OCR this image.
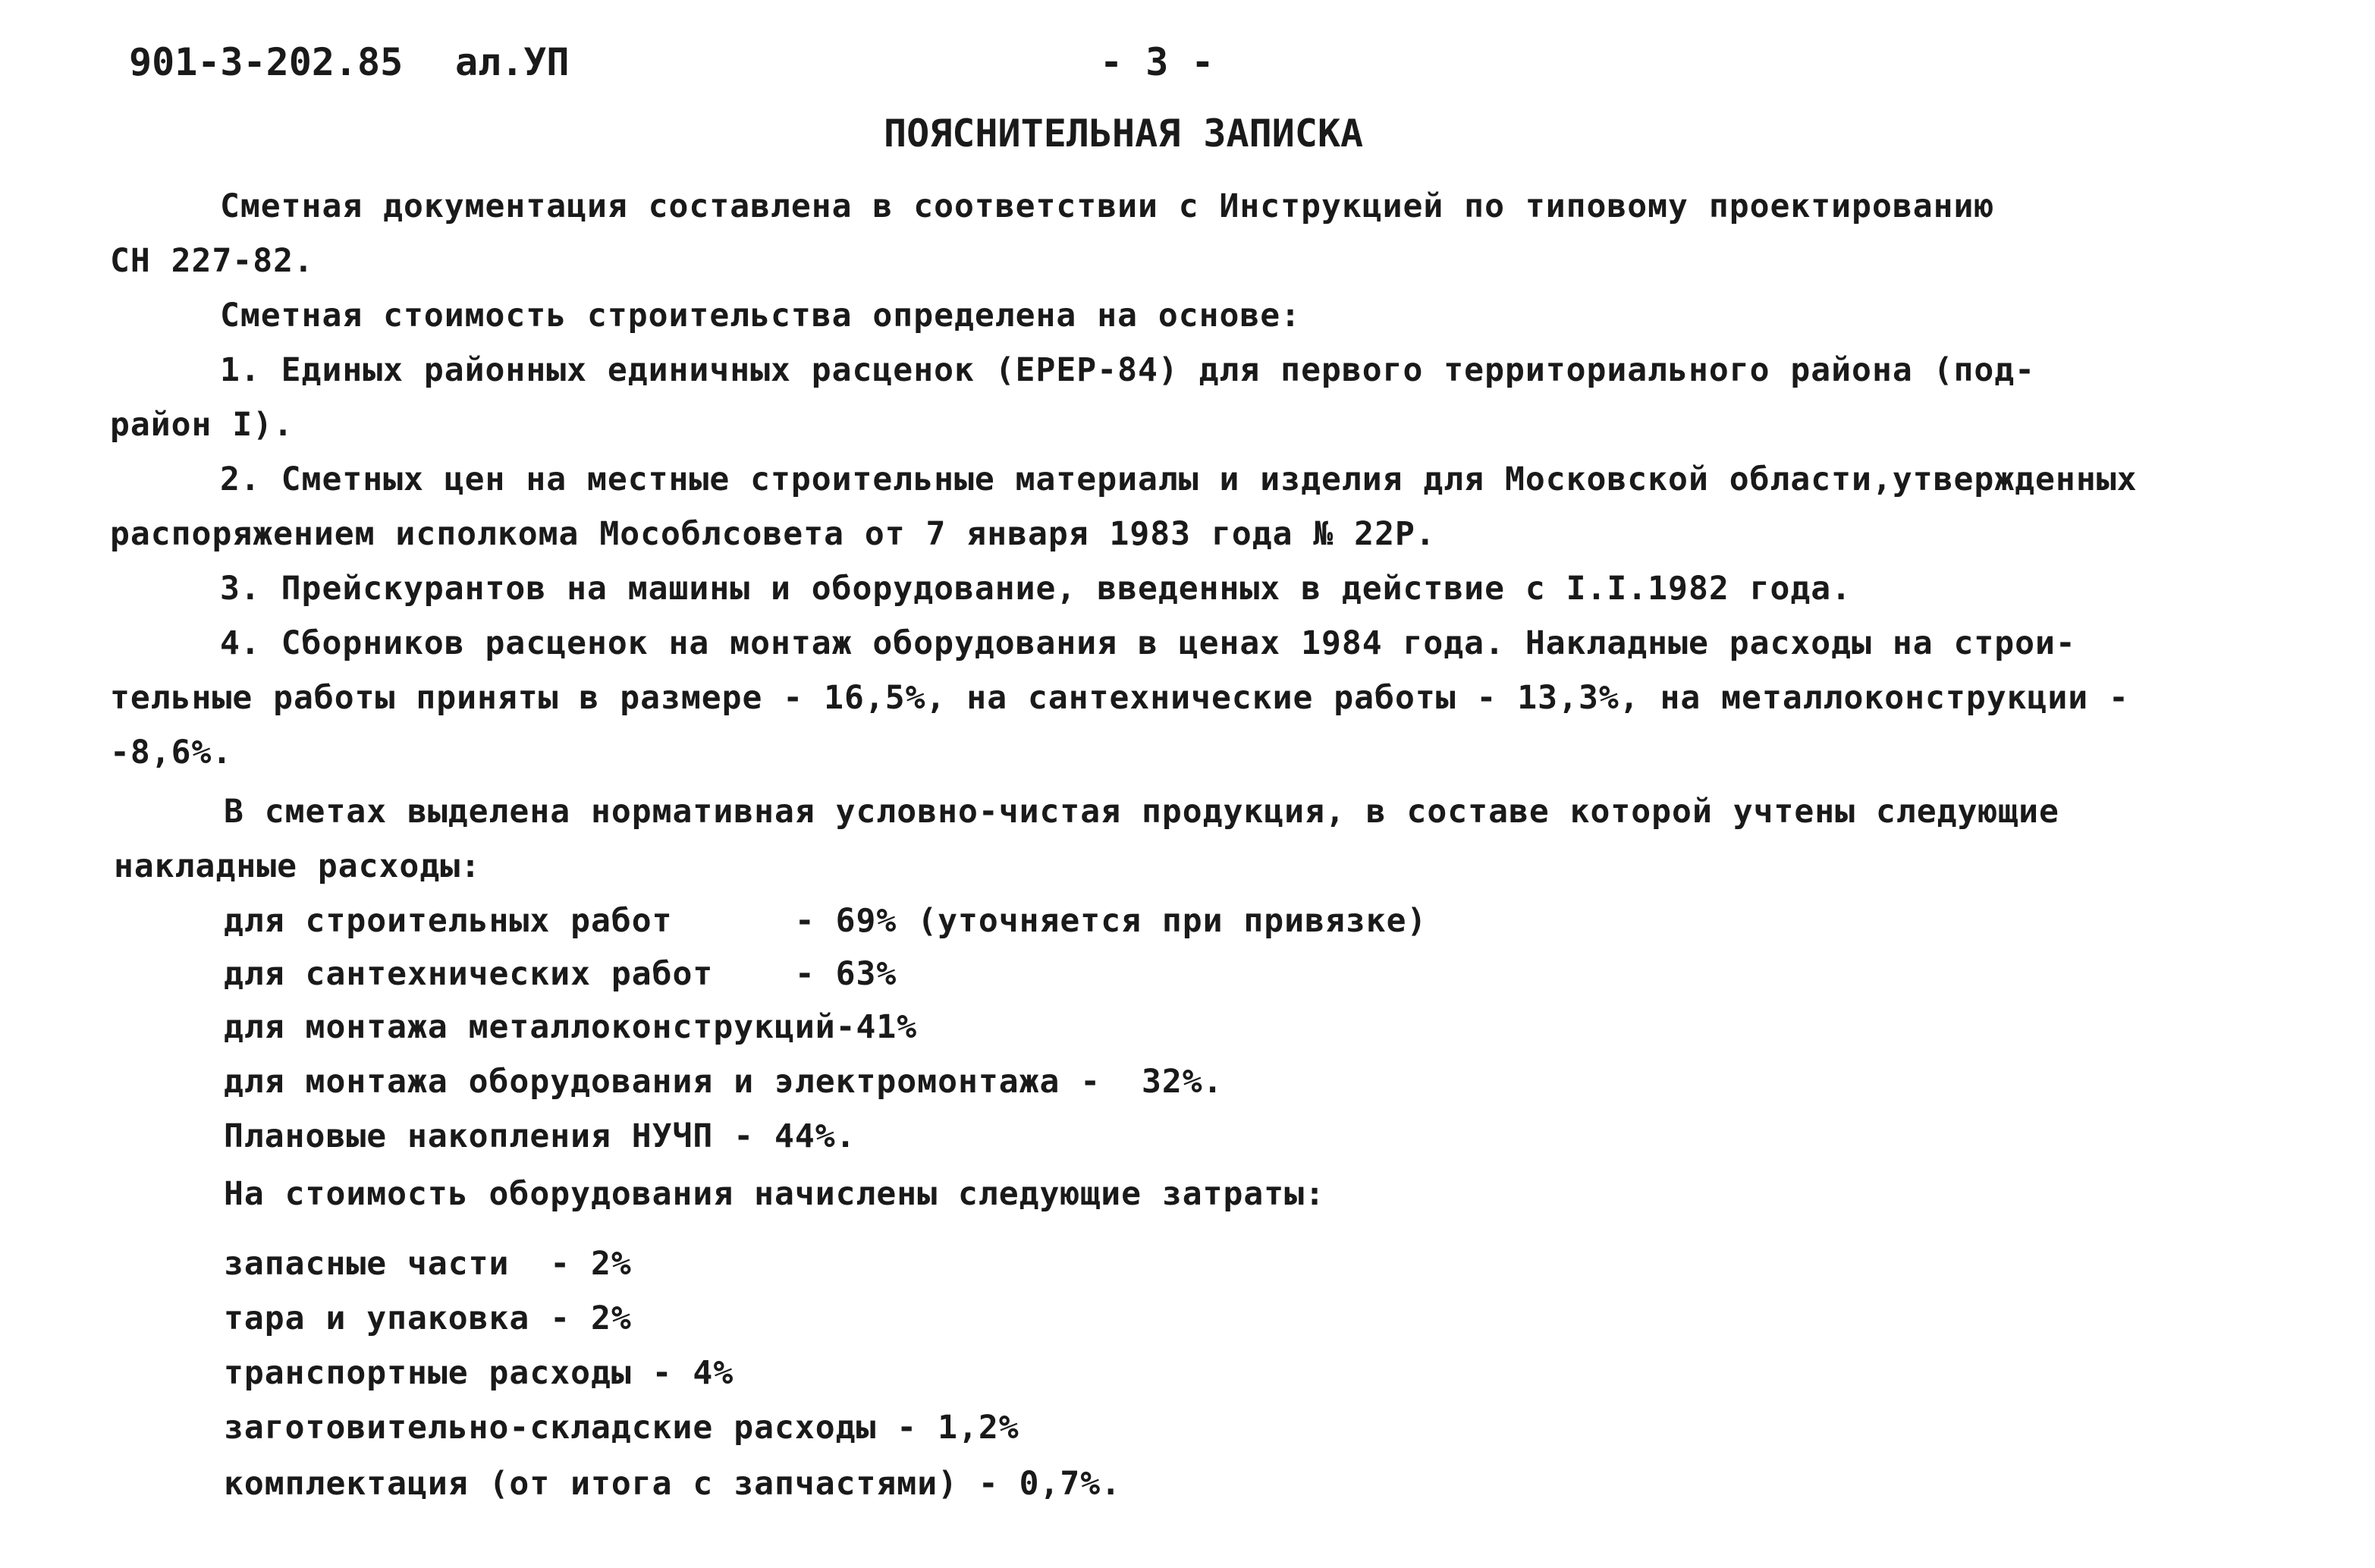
901-3-202.85 ал.УП	- 3 -
ПОЯСНИТЕЛЬНАЯ ЗАПИСКА
Сметная документация составлена в соответствии с Инструкцией по типовому проектированию
СН 227-82.
Сметная стоимость строительства определена на основе:
1. Единых районных единичных расценок (ЕРЕР-84) для первого территориального района (под-
район I).
2. Сметных цен на местные строительные материалы и изделия для Московской области,утвержденных
распоряжением исполкома Мособлсовета от 7 января 1983 года № 22Р.
3. Прейскурантов на машины и оборудование, введенных в действие с I.I.1982 года.
4. Сборников расценок на монтаж оборудования в ценах 1984 года. Накладные расходы на строи-
тельные работы приняты в размере - 16,5%, на сантехнические работы - 13,3%, на металлоконструкции -
-8,6%.
В сметах выделена нормативная условно-чистая продукция, в составе которой учтены следующие
накладные расходы:
для строительных работ      - 69% (уточняется при привязке)
для сантехнических работ    - 63%
для монтажа металлоконструкций-41%
для монтажа оборудования и электромонтажа -  32%.
Плановые накопления НУЧП - 44%.
На стоимость оборудования начислены следующие затраты:
запасные части  - 2%
тара и упаковка - 2%
транспортные расходы - 4%
заготовительно-складские расходы - 1,2%
комплектация (от итога с запчастями) - 0,7%.
